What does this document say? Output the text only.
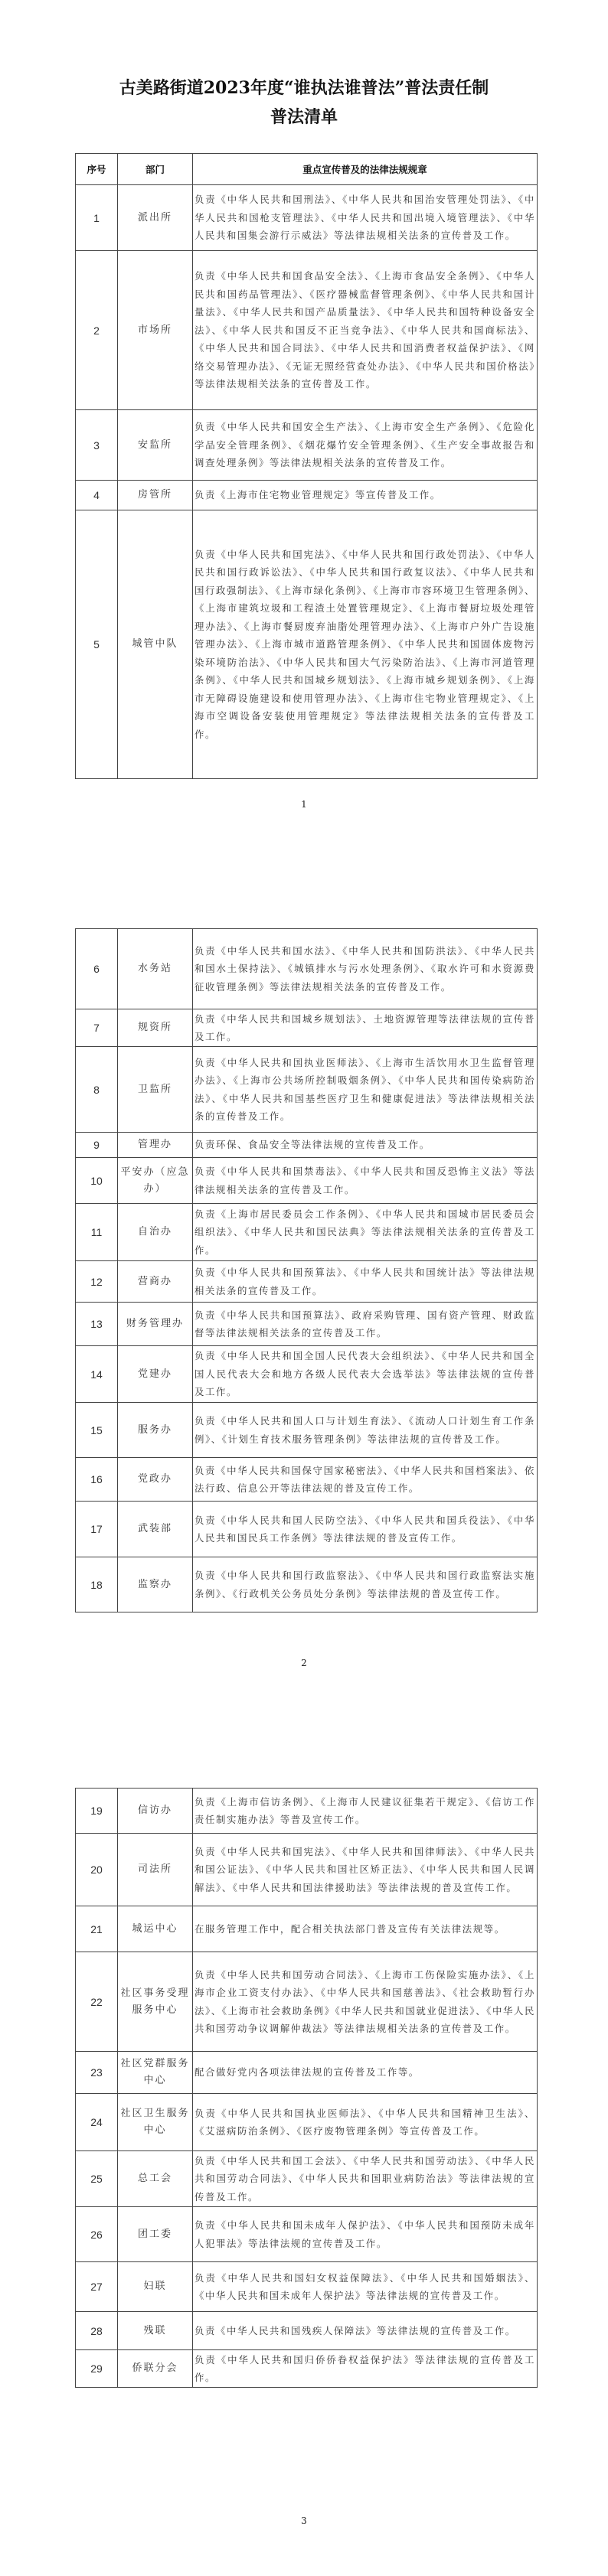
古美路街道2023年度“谁执法谁普法”普法责任制
普法清单
序号	部门	重点宣传普及的法律法规规章
1	派出所	负责《中华人民共和国刑法》、《中华人民共和国治安管理处罚法》、《中华人民共和国枪支管理法》、《中华人民共和国出境入境管理法》、《中华人民共和国集会游行示威法》等法律法规相关法条的宣传普及工作。
2	市场所	负责《中华人民共和国食品安全法》、《上海市食品安全条例》、《中华人民共和国药品管理法》、《医疗器械监督管理条例》、《中华人民共和国计量法》、《中华人民共和国产品质量法》、《中华人民共和国特种设备安全法》、《中华人民共和国反不正当竞争法》、《中华人民共和国商标法》、《中华人民共和国合同法》、《中华人民共和国消费者权益保护法》、《网络交易管理办法》、《无证无照经营查处办法》、《中华人民共和国价格法》等法律法规相关法条的宣传普及工作。
3	安监所	负责《中华人民共和国安全生产法》、《上海市安全生产条例》、《危险化学品安全管理条例》、《烟花爆竹安全管理条例》、《生产安全事故报告和调查处理条例》等法律法规相关法条的宣传普及工作。
4	房管所	负责《上海市住宅物业管理规定》等宣传普及工作。
5	城管中队	负责《中华人民共和国宪法》、《中华人民共和国行政处罚法》、《中华人民共和国行政诉讼法》、《中华人民共和国行政复议法》、《中华人民共和国行政强制法》、《上海市绿化条例》、《上海市市容环境卫生管理条例》、《上海市建筑垃圾和工程渣土处置管理规定》、《上海市餐厨垃圾处理管理办法》、《上海市餐厨废弃油脂处理管理办法》、《上海市户外广告设施管理办法》、《上海市城市道路管理条例》、《中华人民共和国固体废物污染环境防治法》、《中华人民共和国大气污染防治法》、《上海市河道管理条例》、《中华人民共和国城乡规划法》、《上海市城乡规划条例》、《上海市无障碍设施建设和使用管理办法》、《上海市住宅物业管理规定》、《上海市空调设备安装使用管理规定》等法律法规相关法条的宣传普及工作。
1
6	水务站	负责《中华人民共和国水法》、《中华人民共和国防洪法》、《中华人民共和国水土保持法》、《城镇排水与污水处理条例》、《取水许可和水资源费征收管理条例》等法律法规相关法条的宣传普及工作。
7	规资所	负责《中华人民共和国城乡规划法》、土地资源管理等法律法规的宣传普及工作。
8	卫监所	负责《中华人民共和国执业医师法》、《上海市生活饮用水卫生监督管理办法》、《上海市公共场所控制吸烟条例》、《中华人民共和国传染病防治法》、《中华人民共和国基些医疗卫生和健康促进法》等法律法规相关法条的宣传普及工作。
9	管理办	负责环保、食品安全等法律法规的宣传普及工作。
10	平安办（应急办）	负责《中华人民共和国禁毒法》、《中华人民共和国反恐怖主义法》等法律法规相关法条的宣传普及工作。
11	自治办	负责《上海市居民委员会工作条例》、《中华人民共和国城市居民委员会组织法》、《中华人民共和国民法典》等法律法规相关法条的宣传普及工作。
12	营商办	负责《中华人民共和国预算法》、《中华人民共和国统计法》等法律法规相关法条的宣传普及工作。
13	财务管理办	负责《中华人民共和国预算法》、政府采购管理、国有资产管理、财政监督等法律法规相关法条的宣传普及工作。
14	党建办	负责《中华人民共和国全国人民代表大会组织法》、《中华人民共和国全国人民代表大会和地方各级人民代表大会选举法》等法律法规的宣传普及工作。
15	服务办	负责《中华人民共和国人口与计划生育法》、《流动人口计划生育工作条例》、《计划生育技术服务管理条例》等法律法规的宣传普及工作。
16	党政办	负责《中华人民共和国保守国家秘密法》、《中华人民共和国档案法》、依法行政、信息公开等法律法规的普及宣传工作。
17	武装部	负责《中华人民共和国人民防空法》、《中华人民共和国兵役法》、《中华人民共和国民兵工作条例》等法律法规的普及宣传工作。
18	监察办	负责《中华人民共和国行政监察法》、《中华人民共和国行政监察法实施条例》、《行政机关公务员处分条例》等法律法规的普及宣传工作。
2
19	信访办	负责《上海市信访条例》、《上海市人民建议征集若干规定》、《信访工作责任制实施办法》等普及宣传工作。
20	司法所	负责《中华人民共和国宪法》、《中华人民共和国律师法》、《中华人民共和国公证法》、《中华人民共和国社区矫正法》、《中华人民共和国人民调解法》、《中华人民共和国法律援助法》等法律法规的普及宣传工作。
21	城运中心	在服务管理工作中，配合相关执法部门普及宣传有关法律法规等。
22	社区事务受理服务中心	负责《中华人民共和国劳动合同法》、《上海市工伤保险实施办法》、《上海市企业工资支付办法》、《中华人民共和国慈善法》、《社会救助暂行办法》、《上海市社会救助条例》《中华人民共和国就业促进法》、《中华人民共和国劳动争议调解仲裁法》等法律法规相关法条的宣传普及工作。
23	社区党群服务中心	配合做好党内各项法律法规的宣传普及工作等。
24	社区卫生服务中心	负责《中华人民共和国执业医师法》、《中华人民共和国精神卫生法》、《艾滋病防治条例》、《医疗废物管理条例》等宣传普及工作。
25	总工会	负责《中华人民共和国工会法》、《中华人民共和国劳动法》、《中华人民共和国劳动合同法》、《中华人民共和国职业病防治法》等法律法规的宣传普及工作。
26	团工委	负责《中华人民共和国未成年人保护法》、《中华人民共和国预防未成年人犯罪法》等法律法规的宣传普及工作。
27	妇联	负责《中华人民共和国妇女权益保障法》、《中华人民共和国婚姻法》、《中华人民共和国未成年人保护法》等法律法规的宣传普及工作。
28	残联	负责《中华人民共和国残疾人保障法》等法律法规的宣传普及工作。
29	侨联分会	负责《中华人民共和国归侨侨眷权益保护法》等法律法规的宣传普及工作。
3
